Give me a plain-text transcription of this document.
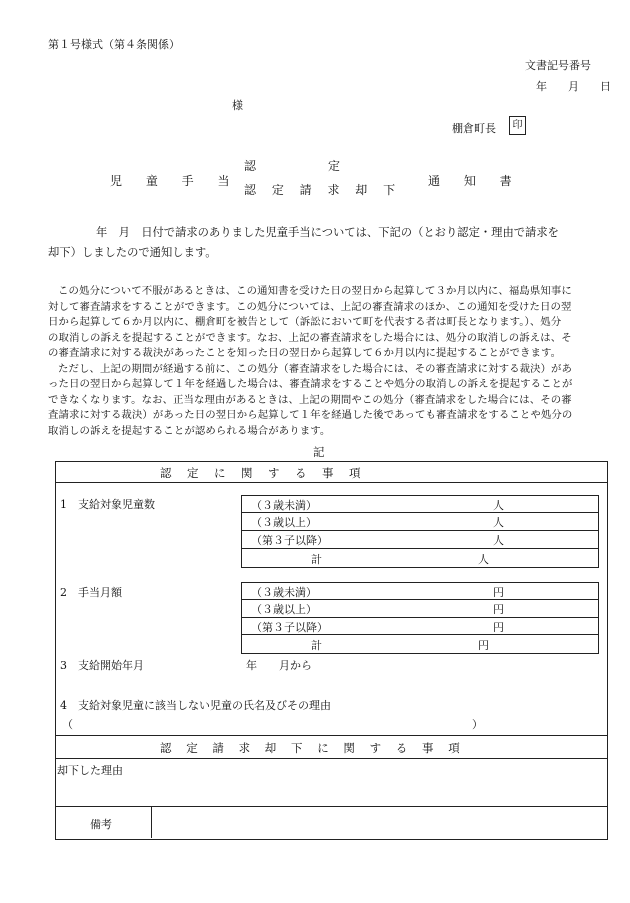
第１号様式（第４条関係）
文書記号番号
年　月　日
様
棚倉町長	印
児 童 手 当
認　　　　　　定
認 定 請 求 却 下
通 知 書
年　月　日付で請求のありました児童手当については、下記の（とおり認定・理由で請求を
却下）しましたので通知します。
この処分について不服があるときは、この通知書を受けた日の翌日から起算して３か月以内に、福島県知事に
対して審査請求をすることができます。この処分については、上記の審査請求のほか、この通知を受けた日の翌
日から起算して６か月以内に、棚倉町を被告として（訴訟において町を代表する者は町長となります。）、処分
の取消しの訴えを提起することができます。なお、上記の審査請求をした場合には、処分の取消しの訴えは、そ
の審査請求に対する裁決があったことを知った日の翌日から起算して６か月以内に提起することができます。
ただし、上記の期間が経過する前に、この処分（審査請求をした場合には、その審査請求に対する裁決）があ
った日の翌日から起算して１年を経過した場合は、審査請求をすることや処分の取消しの訴えを提起することが
できなくなります。なお、正当な理由があるときは、上記の期間やこの処分（審査請求をした場合には、その審
査請求に対する裁決）があった日の翌日から起算して１年を経過した後であっても審査請求をすることや処分の
取消しの訴えを提起することが認められる場合があります。
記
認　定　に　関　す　る　事　項
1　支給対象児童数	（３歳未満）	人
（３歳以上）	人
（第３子以降）	人
計	人
2　手当月額	（３歳未満）	円
（３歳以上）	円
（第３子以降）	円
計	円
3　支給開始年月	年　　月から
4　支給対象児童に該当しない児童の氏名及びその理由
（	）
認　定　請　求　却　下　に　関　す　る　事　項
却下した理由
備考
